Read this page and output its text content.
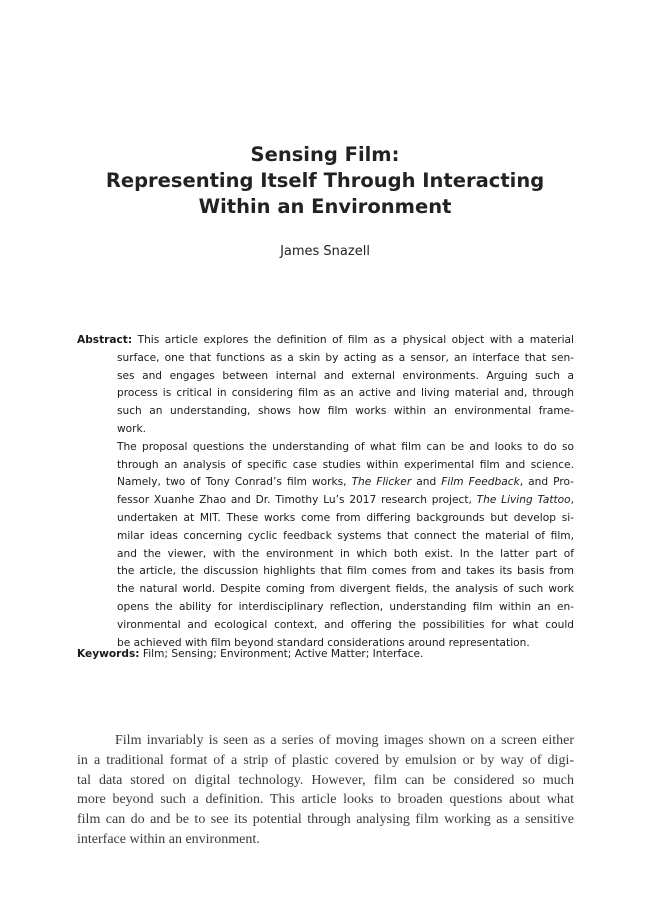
Sensing Film:
Representing Itself Through Interacting
Within an Environment
James Snazell
Abstract: This article explores the definition of film as a physical object with a material
surface, one that functions as a skin by acting as a sensor, an interface that sen-
ses and engages between internal and external environments. Arguing such a
process is critical in considering film as an active and living material and, through
such an understanding, shows how film works within an environmental frame-
work.
The proposal questions the understanding of what film can be and looks to do so
through an analysis of specific case studies within experimental film and science.
Namely, two of Tony Conrad’s film works, The Flicker and Film Feedback, and Pro-
fessor Xuanhe Zhao and Dr. Timothy Lu’s 2017 research project, The Living Tattoo,
undertaken at MIT. These works come from differing backgrounds but develop si-
milar ideas concerning cyclic feedback systems that connect the material of film,
and the viewer, with the environment in which both exist. In the latter part of
the article, the discussion highlights that film comes from and takes its basis from
the natural world. Despite coming from divergent fields, the analysis of such work
opens the ability for interdisciplinary reflection, understanding film within an en-
vironmental and ecological context, and offering the possibilities for what could
be achieved with film beyond standard considerations around representation.
Keywords: Film; Sensing; Environment; Active Matter; Interface.
Film invariably is seen as a series of moving images shown on a screen either
in a traditional format of a strip of plastic covered by emulsion or by way of digi-
tal data stored on digital technology. However, film can be considered so much
more beyond such a definition. This article looks to broaden questions about what
film can do and be to see its potential through analysing film working as a sensitive
interface within an environment.
